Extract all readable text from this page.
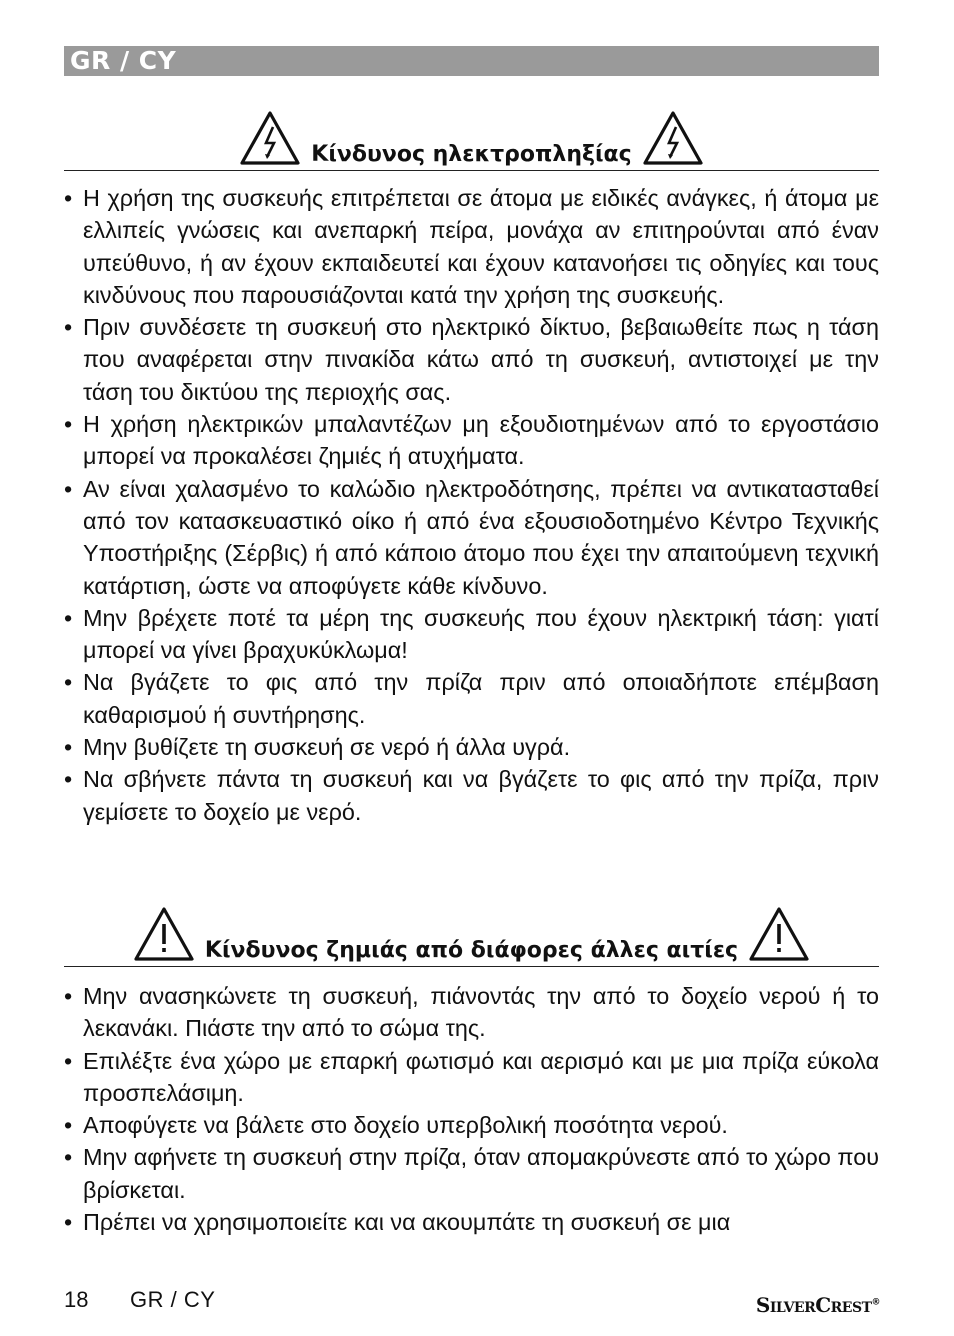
GR / CY
Κίνδυνος ηλεκτροπληξίας
• Η χρήση της συσκευής επιτρέπεται σε άτομα με ειδικές ανάγκες, ή άτομα με ελλιπείς γνώσεις και ανεπαρκή πείρα, μονάχα αν επιτηρούνται από έναν υπεύθυνο, ή αν έχουν εκπαιδευτεί και έχουν κατανοήσει τις οδηγίες και τους κινδύνους που παρουσιάζονται κατά την χρήση της συσκευής.
• Πριν συνδέσετε τη συσκευή στο ηλεκτρικό δίκτυο, βεβαιωθείτε πως η τάση που αναφέρεται στην πινακίδα κάτω από τη συσκευή, αντιστοιχεί με την τάση του δικτύου της περιοχής σας.
• Η χρήση ηλεκτρικών μπαλαντέζων μη εξουδιοτημένων από το εργοστάσιο μπορεί να προκαλέσει ζημιές ή ατυχήματα.
• Αν είναι χαλασμένο το καλώδιο ηλεκτροδότησης, πρέπει να αντικατασταθεί από τον κατασκευαστικό οίκο ή από ένα εξουσιοδοτημένο Κέντρο Τεχνικής Υποστήριξης (Σέρβις) ή από κάποιο άτομο που έχει την απαιτούμενη τεχνική κατάρτιση, ώστε να αποφύγετε κάθε κίνδυνο.
• Μην βρέχετε ποτέ τα μέρη της συσκευής που έχουν ηλεκτρική τάση: γιατί μπορεί να γίνει βραχυκύκλωμα!
• Να βγάζετε το φις από την πρίζα πριν από οποιαδήποτε επέμβαση καθαρισμού ή συντήρησης.
• Μην βυθίζετε τη συσκευή σε νερό ή άλλα υγρά.
• Να σβήνετε πάντα τη συσκευή και να βγάζετε το φις από την πρίζα, πριν γεμίσετε το δοχείο με νερό.
Κίνδυνος ζημιάς από διάφορες άλλες αιτίες
• Μην ανασηκώνετε τη συσκευή, πιάνοντάς την από το δοχείο νερού ή το λεκανάκι. Πιάστε την από το σώμα της.
• Επιλέξτε ένα χώρο με επαρκή φωτισμό και αερισμό και με μια πρίζα εύκολα προσπελάσιμη.
• Αποφύγετε να βάλετε στο δοχείο υπερβολική ποσότητα νερού.
• Μην αφήνετε τη συσκευή στην πρίζα, όταν απομακρύνεστε από το χώρο που βρίσκεται.
• Πρέπει να χρησιμοποιείτε και να ακουμπάτε τη συσκευή σε μια
18 GR / CY	SilverCrest®
